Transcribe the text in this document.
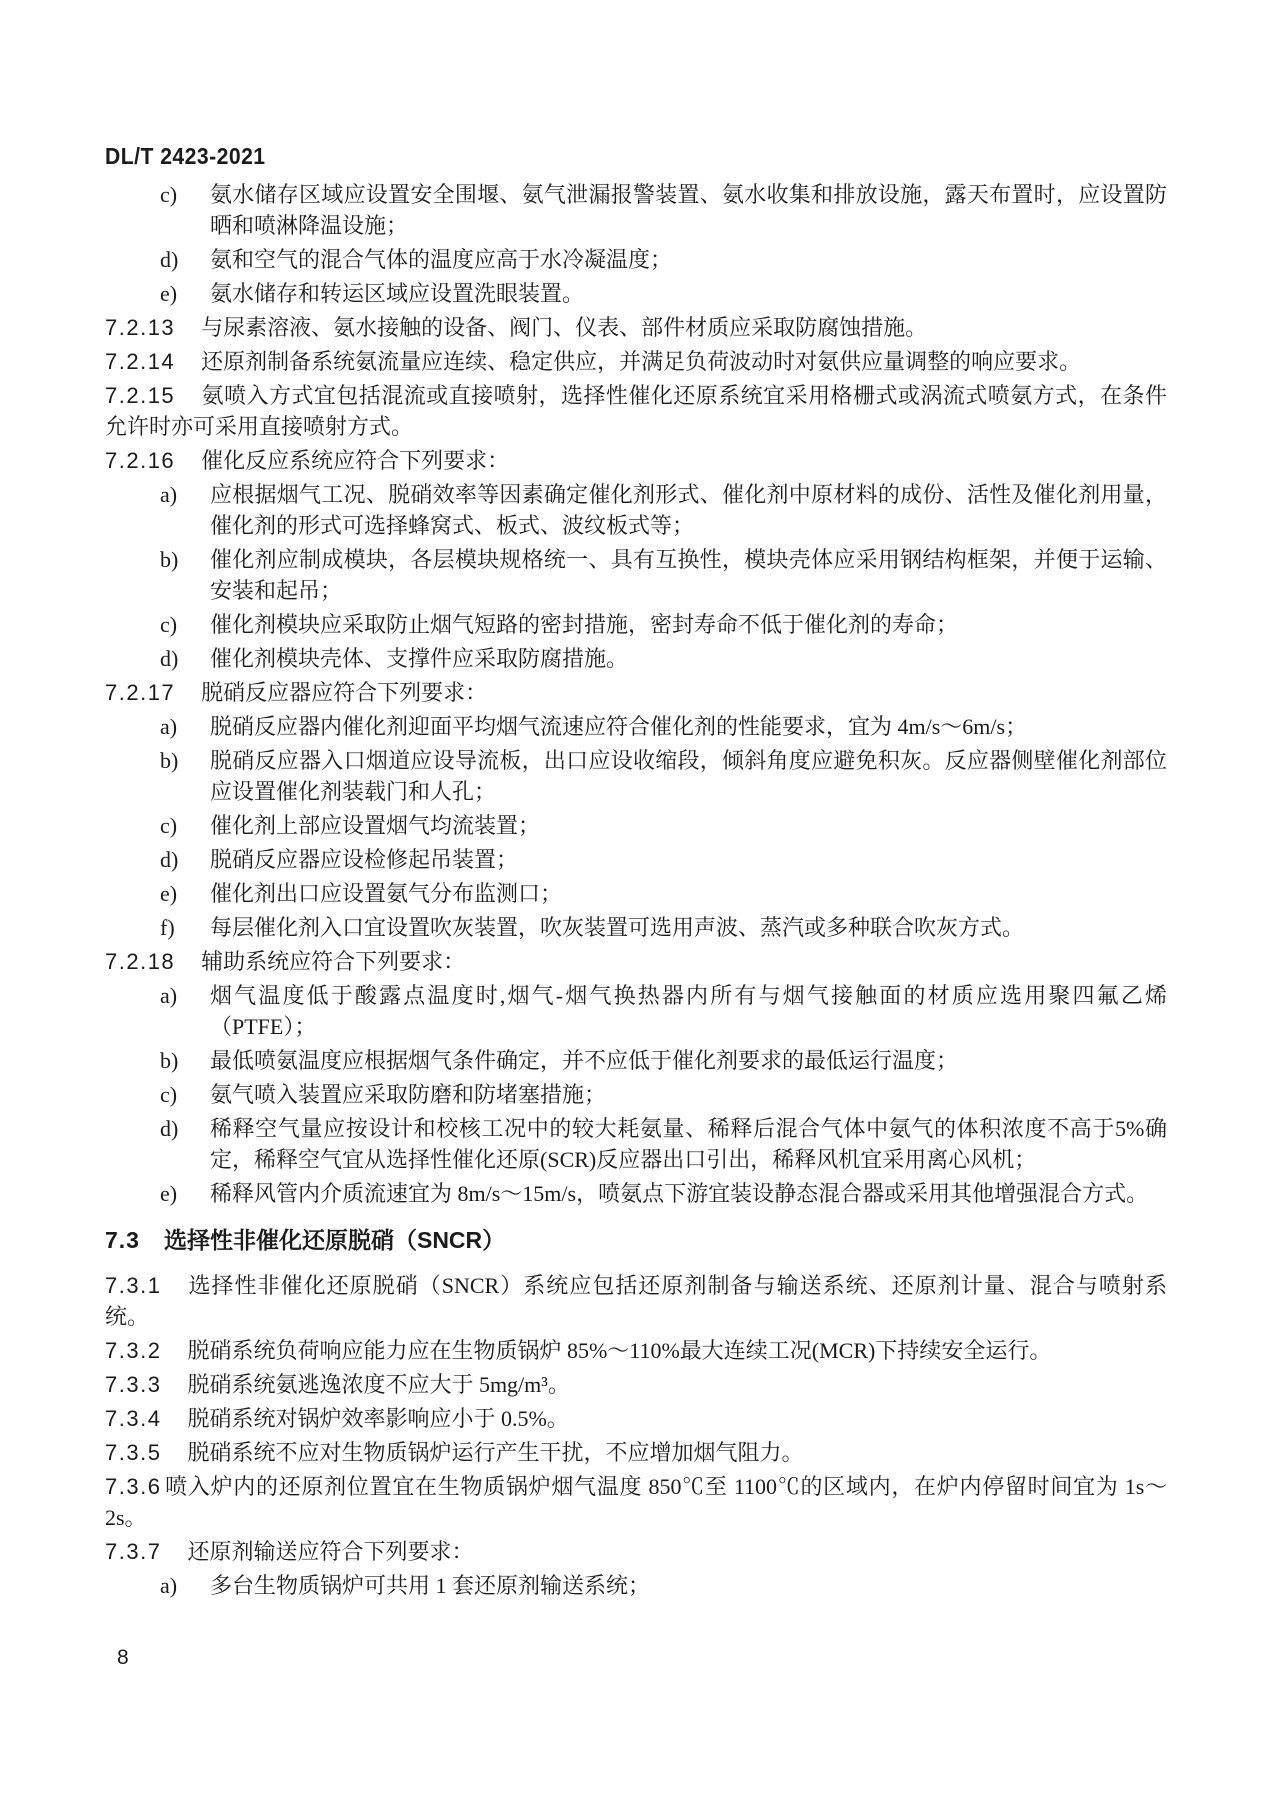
DL/T 2423-2021
c)	氨水储存区域应设置安全围堰、氨气泄漏报警装置、氨水收集和排放设施，露天布置时，应设置防晒和喷淋降温设施；
d)	氨和空气的混合气体的温度应高于水冷凝温度；
e)	氨水储存和转运区域应设置洗眼装置。
7.2.13 与尿素溶液、氨水接触的设备、阀门、仪表、部件材质应采取防腐蚀措施。
7.2.14 还原剂制备系统氨流量应连续、稳定供应，并满足负荷波动时对氨供应量调整的响应要求。
7.2.15 氨喷入方式宜包括混流或直接喷射，选择性催化还原系统宜采用格栅式或涡流式喷氨方式，在条件允许时亦可采用直接喷射方式。
7.2.16 催化反应系统应符合下列要求：
a)	应根据烟气工况、脱硝效率等因素确定催化剂形式、催化剂中原材料的成份、活性及催化剂用量，催化剂的形式可选择蜂窝式、板式、波纹板式等；
b)	催化剂应制成模块，各层模块规格统一、具有互换性，模块壳体应采用钢结构框架，并便于运输、安装和起吊；
c)	催化剂模块应采取防止烟气短路的密封措施，密封寿命不低于催化剂的寿命；
d)	催化剂模块壳体、支撑件应采取防腐措施。
7.2.17 脱硝反应器应符合下列要求：
a)	脱硝反应器内催化剂迎面平均烟气流速应符合催化剂的性能要求，宜为 4m/s～6m/s；
b)	脱硝反应器入口烟道应设导流板，出口应设收缩段，倾斜角度应避免积灰。反应器侧壁催化剂部位应设置催化剂装载门和人孔；
c)	催化剂上部应设置烟气均流装置；
d)	脱硝反应器应设检修起吊装置；
e)	催化剂出口应设置氨气分布监测口；
f)	每层催化剂入口宜设置吹灰装置，吹灰装置可选用声波、蒸汽或多种联合吹灰方式。
7.2.18 辅助系统应符合下列要求：
a)	烟气温度低于酸露点温度时,烟气-烟气换热器内所有与烟气接触面的材质应选用聚四氟乙烯（PTFE）；
b)	最低喷氨温度应根据烟气条件确定，并不应低于催化剂要求的最低运行温度；
c)	氨气喷入装置应采取防磨和防堵塞措施；
d)	稀释空气量应按设计和校核工况中的较大耗氨量、稀释后混合气体中氨气的体积浓度不高于5%确定，稀释空气宜从选择性催化还原(SCR)反应器出口引出，稀释风机宜采用离心风机；
e)	稀释风管内介质流速宜为 8m/s～15m/s，喷氨点下游宜装设静态混合器或采用其他增强混合方式。
7.3 选择性非催化还原脱硝（SNCR）
7.3.1 选择性非催化还原脱硝（SNCR）系统应包括还原剂制备与输送系统、还原剂计量、混合与喷射系统。
7.3.2 脱硝系统负荷响应能力应在生物质锅炉 85%～110%最大连续工况(MCR)下持续安全运行。
7.3.3 脱硝系统氨逃逸浓度不应大于 5mg/m³。
7.3.4 脱硝系统对锅炉效率影响应小于 0.5%。
7.3.5 脱硝系统不应对生物质锅炉运行产生干扰，不应增加烟气阻力。
7.3.6 喷入炉内的还原剂位置宜在生物质锅炉烟气温度 850℃至 1100℃的区域内，在炉内停留时间宜为 1s～2s。
7.3.7 还原剂输送应符合下列要求：
a)	多台生物质锅炉可共用 1 套还原剂输送系统；
8
